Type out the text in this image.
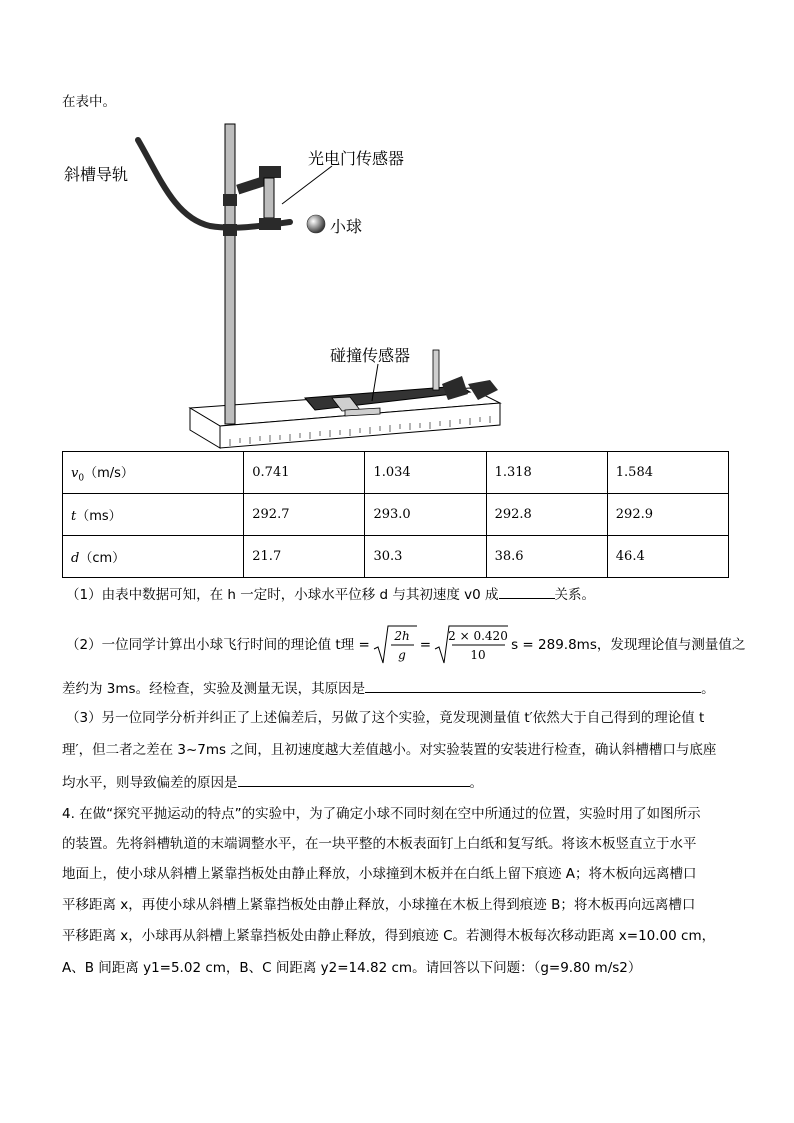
在表中。
斜槽导轨
光电门传感器
小球
碰撞传感器
$v_0(m/s)$	0.741	1.034	1.318	1.584
t（ms）	292.7	293.0	292.8	292.9
d（cm）	21.7	30.3	38.6	46.4
（1）由表中数据可知，在 h 一定时，小球水平位移 d 与其初速度 v0 成	关系。
（2）一位同学计算出小球飞行时间的理论值 t理 =
2h
g
=
2 × 0.420
10
s = 289.8ms，发现理论值与测量值之
差约为 3ms。经检查，实验及测量无误，其原因是	。
（3）另一位同学分析并纠正了上述偏差后，另做了这个实验，竟发现测量值 t′依然大于自己得到的理论值 t
理′，但二者之差在 3~7ms 之间，且初速度越大差值越小。对实验装置的安装进行检查，确认斜槽槽口与底座
均水平，则导致偏差的原因是	。
4. 在做“探究平抛运动的特点”的实验中，为了确定小球不同时刻在空中所通过的位置，实验时用了如图所示
的装置。先将斜槽轨道的末端调整水平，在一块平整的木板表面钉上白纸和复写纸。将该木板竖直立于水平
地面上，使小球从斜槽上紧靠挡板处由静止释放，小球撞到木板并在白纸上留下痕迹 A；将木板向远离槽口
平移距离 x，再使小球从斜槽上紧靠挡板处由静止释放，小球撞在木板上得到痕迹 B；将木板再向远离槽口
平移距离 x，小球再从斜槽上紧靠挡板处由静止释放，得到痕迹 C。若测得木板每次移动距离 x=10.00 cm，
A、B 间距离 y1=5.02 cm，B、C 间距离 y2=14.82 cm。请回答以下问题：（g=9.80 m/s2）
